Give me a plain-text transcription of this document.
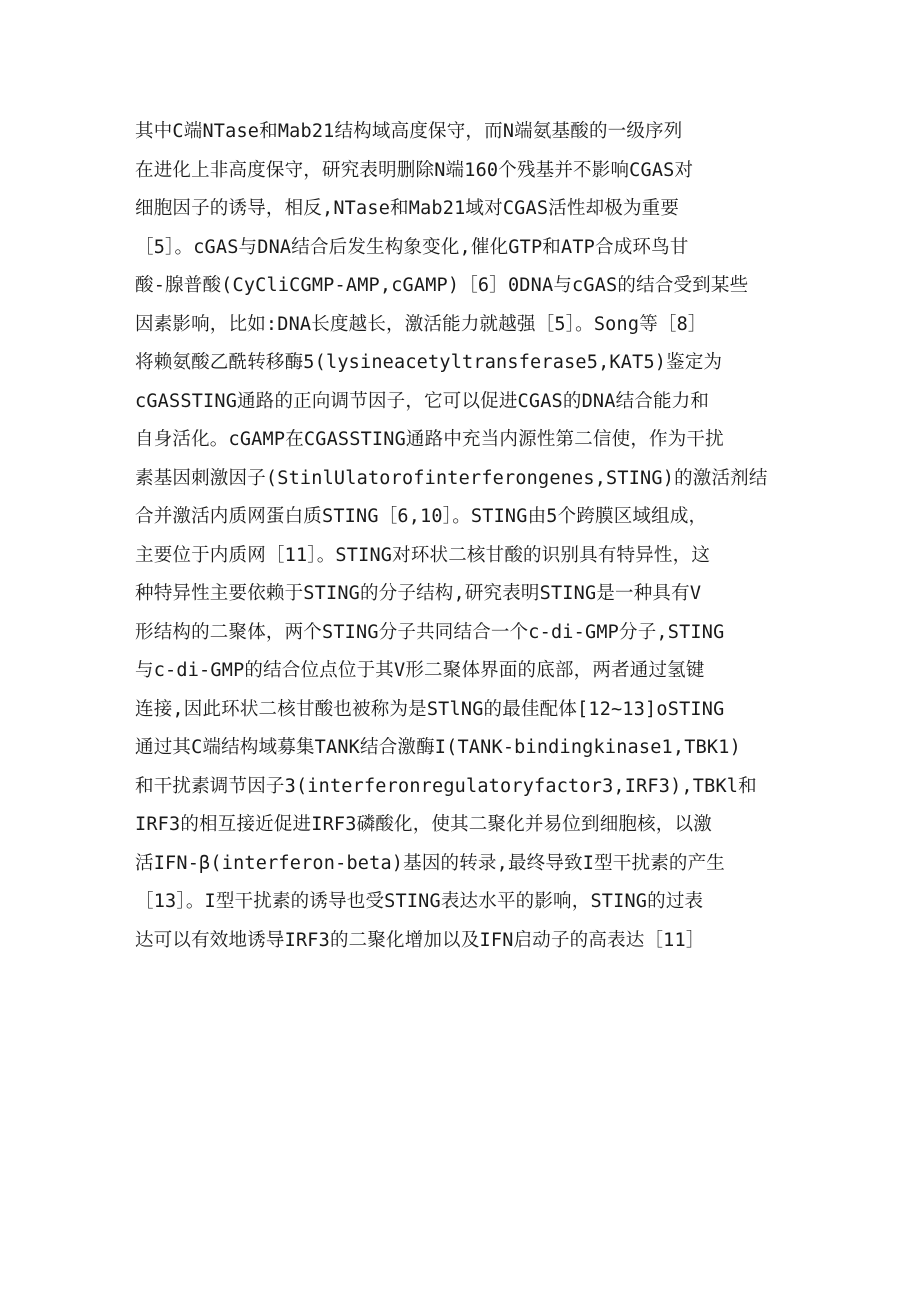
其中C端NTase和Mab21结构域高度保守，而N端氨基酸的一级序列
在进化上非高度保守，研究表明删除N端160个残基并不影响CGAS对
细胞因子的诱导，相反,NTase和Mab21域对CGAS活性却极为重要
［5］。cGAS与DNA结合后发生构象变化,催化GTP和ATP合成环鸟甘
酸-腺普酸(CyCliCGMP-AMP,cGAMP)［6］0DNA与cGAS的结合受到某些
因素影响，比如:DNA长度越长，激活能力就越强［5］。Song等［8］
将赖氨酸乙酰转移酶5(lysineacetyltransferase5,KAT5)鉴定为
cGASSTING通路的正向调节因子，它可以促进CGAS的DNA结合能力和
自身活化。cGAMP在CGASSTING通路中充当内源性第二信使，作为干扰
素基因刺激因子(StinlUlatorofinterferongenes,STING)的激活剂结
合并激活内质网蛋白质STING［6,10］。STING由5个跨膜区域组成，
主要位于内质网［11］。STING对环状二核甘酸的识别具有特异性，这
种特异性主要依赖于STING的分子结构,研究表明STING是一种具有V
形结构的二聚体，两个STING分子共同结合一个c-di-GMP分子,STING
与c-di-GMP的结合位点位于其V形二聚体界面的底部，两者通过氢键
连接,因此环状二核甘酸也被称为是STlNG的最佳配体[12~13]oSTING
通过其C端结构域募集TANK结合激酶I(TANK-bindingkinase1,TBK1)
和干扰素调节因子3(interferonregulatoryfactor3,IRF3),TBKl和
IRF3的相互接近促进IRF3磷酸化，使其二聚化并易位到细胞核，以激
活IFN-β(interferon-beta)基因的转录,最终导致I型干扰素的产生
［13］。I型干扰素的诱导也受STING表达水平的影响，STING的过表
达可以有效地诱导IRF3的二聚化增加以及IFN启动子的高表达［11］
